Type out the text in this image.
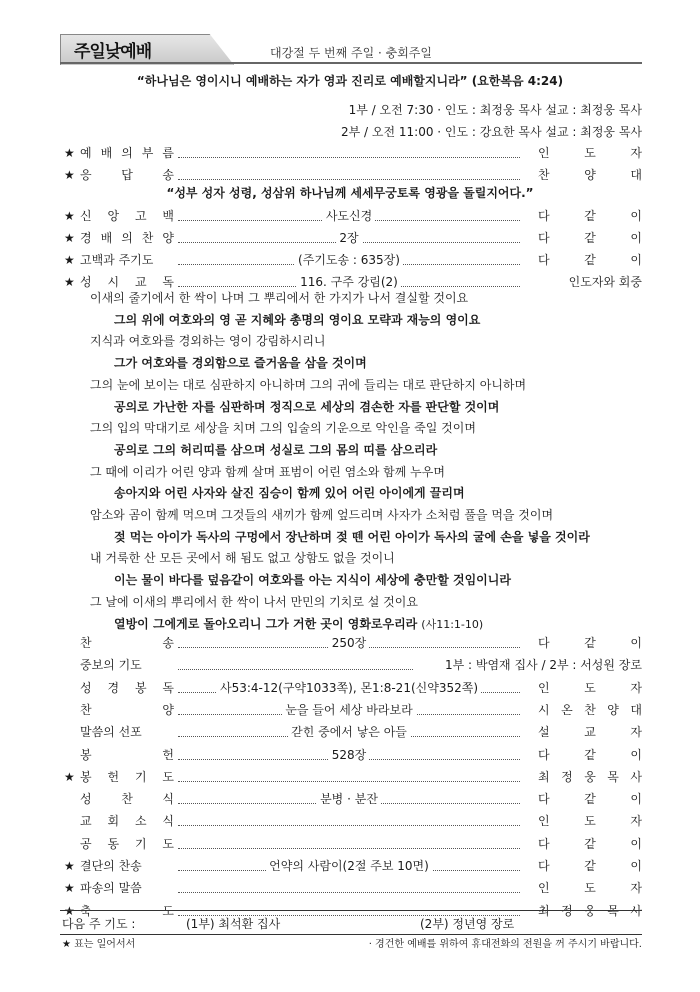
주일낮예배	대강절 두 번째 주일 · 충회주일
“하나님은 영이시니 예배하는 자가 영과 진리로 예배할지니라” (요한복음 4:24)
1부 / 오전 7:30 · 인도 : 최정웅 목사 설교 : 최정웅 목사
2부 / 오전 11:00 · 인도 : 강요한 목사 설교 : 최정웅 목사
★ 예 배 의 부 름	인	도	자
★ 응 답 송	찬	양	대
“성부 성자 성령, 성삼위 하나님께 세세무궁토록 영광을 돌릴지어다.”
★ 신 앙 고 백	사도신경	다	같	이
★ 경 배 의 찬 양	2장	다	같	이
★ 고백과 주기도	(주기도송 : 635장)	다	같	이
★ 성 시 교 독	116. 구주 강림(2)	인도자와 회중
이새의 줄기에서 한 싹이 나며 그 뿌리에서 한 가지가 나서 결실할 것이요
그의 위에 여호와의 영 곧 지혜와 총명의 영이요 모략과 재능의 영이요
지식과 여호와를 경외하는 영이 강림하시리니
그가 여호와를 경외함으로 즐거움을 삼을 것이며
그의 눈에 보이는 대로 심판하지 아니하며 그의 귀에 들리는 대로 판단하지 아니하며
공의로 가난한 자를 심판하며 정직으로 세상의 겸손한 자를 판단할 것이며
그의 입의 막대기로 세상을 치며 그의 입술의 기운으로 악인을 죽일 것이며
공의로 그의 허리띠를 삼으며 성실로 그의 몸의 띠를 삼으리라
그 때에 이리가 어린 양과 함께 살며 표범이 어린 염소와 함께 누우며
송아지와 어린 사자와 살진 짐승이 함께 있어 어린 아이에게 끌리며
암소와 곰이 함께 먹으며 그것들의 새끼가 함께 엎드리며 사자가 소처럼 풀을 먹을 것이며
젖 먹는 아이가 독사의 구멍에서 장난하며 젖 뗀 어린 아이가 독사의 굴에 손을 넣을 것이라
내 거룩한 산 모든 곳에서 해 됨도 없고 상함도 없을 것이니
이는 물이 바다를 덮음같이 여호와를 아는 지식이 세상에 충만할 것임이니라
그 날에 이새의 뿌리에서 한 싹이 나서 만민의 기치로 설 것이요
열방이 그에게로 돌아오리니 그가 거한 곳이 영화로우리라 (사11:1-10)
찬	송	250장	다	같	이
중보의 기도	1부 : 박염재 집사 / 2부 : 서성원 장로
성 경 봉 독	사53:4-12(구약1033쪽), 몬1:8-21(신약352쪽)	인	도	자
찬	양	눈을 들어 세상 바라보라	시 온 찬 양 대
말씀의 선포	갇힌 중에서 낳은 아들	설	교	자
봉	헌	528장	다	같	이
★ 봉 헌 기 도	최 정 웅 목 사
성 찬 식	분병 · 분잔	다	같	이
교 회 소 식	인	도	자
공 동 기 도	다	같	이
★ 결단의 찬송	언약의 사람이(2절 주보 10면)	다	같	이
★ 파송의 말씀	인	도	자
★ 축	도	최 정 웅 목 사
다음 주 기도 :	(1부) 최석환 집사	(2부) 정년영 장로
★ 표는 일어서서	· 경건한 예배를 위하여 휴대전화의 전원을 꺼 주시기 바랍니다.
